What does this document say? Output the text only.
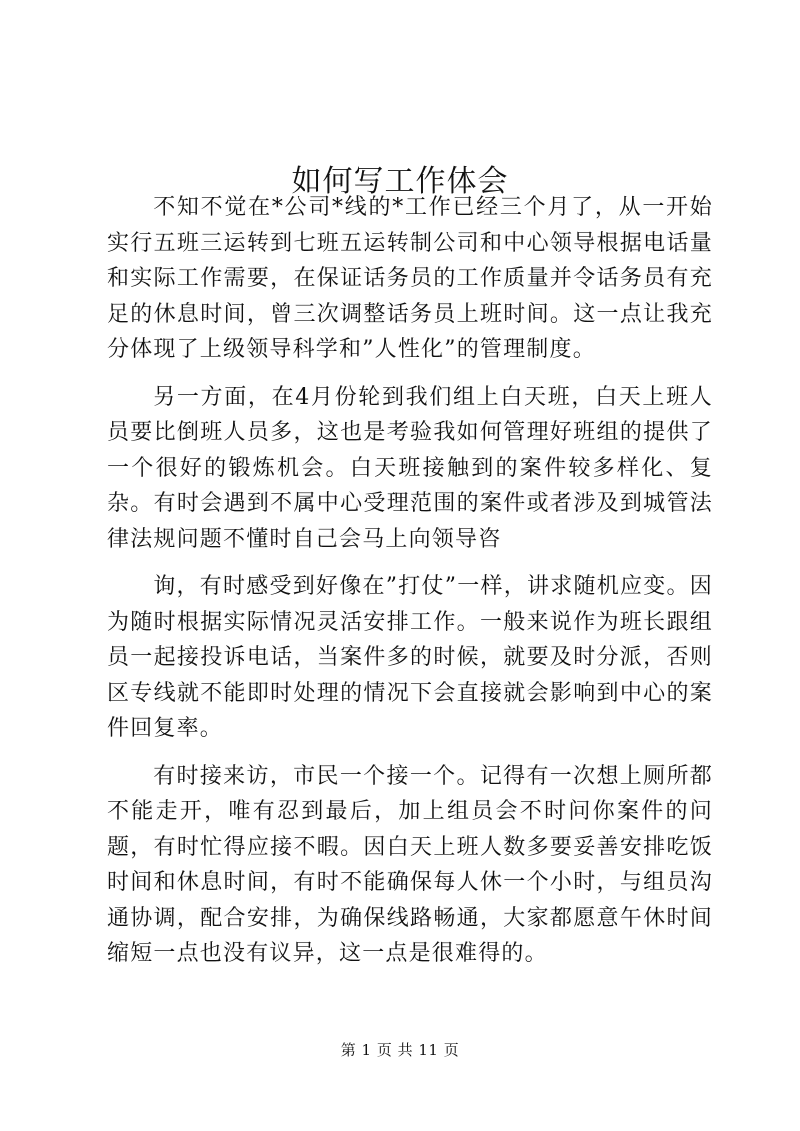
如何写工作体会

不知不觉在*公司*线的*工作已经三个月了，从一开始实行五班三运转到七班五运转制公司和中心领导根据电话量和实际工作需要，在保证话务员的工作质量并令话务员有充足的休息时间，曾三次调整话务员上班时间。这一点让我充分体现了上级领导科学和”人性化”的管理制度。

另一方面，在4月份轮到我们组上白天班，白天上班人员要比倒班人员多，这也是考验我如何管理好班组的提供了一个很好的锻炼机会。白天班接触到的案件较多样化、复杂。有时会遇到不属中心受理范围的案件或者涉及到城管法律法规问题不懂时自己会马上向领导咨

询，有时感受到好像在”打仗”一样，讲求随机应变。因为随时根据实际情况灵活安排工作。一般来说作为班长跟组员一起接投诉电话，当案件多的时候，就要及时分派，否则区专线就不能即时处理的情况下会直接就会影响到中心的案件回复率。

有时接来访，市民一个接一个。记得有一次想上厕所都不能走开，唯有忍到最后，加上组员会不时问你案件的问题，有时忙得应接不暇。因白天上班人数多要妥善安排吃饭时间和休息时间，有时不能确保每人休一个小时，与组员沟通协调，配合安排，为确保线路畅通，大家都愿意午休时间缩短一点也没有议异，这一点是很难得的。

第 1 页 共 11 页
